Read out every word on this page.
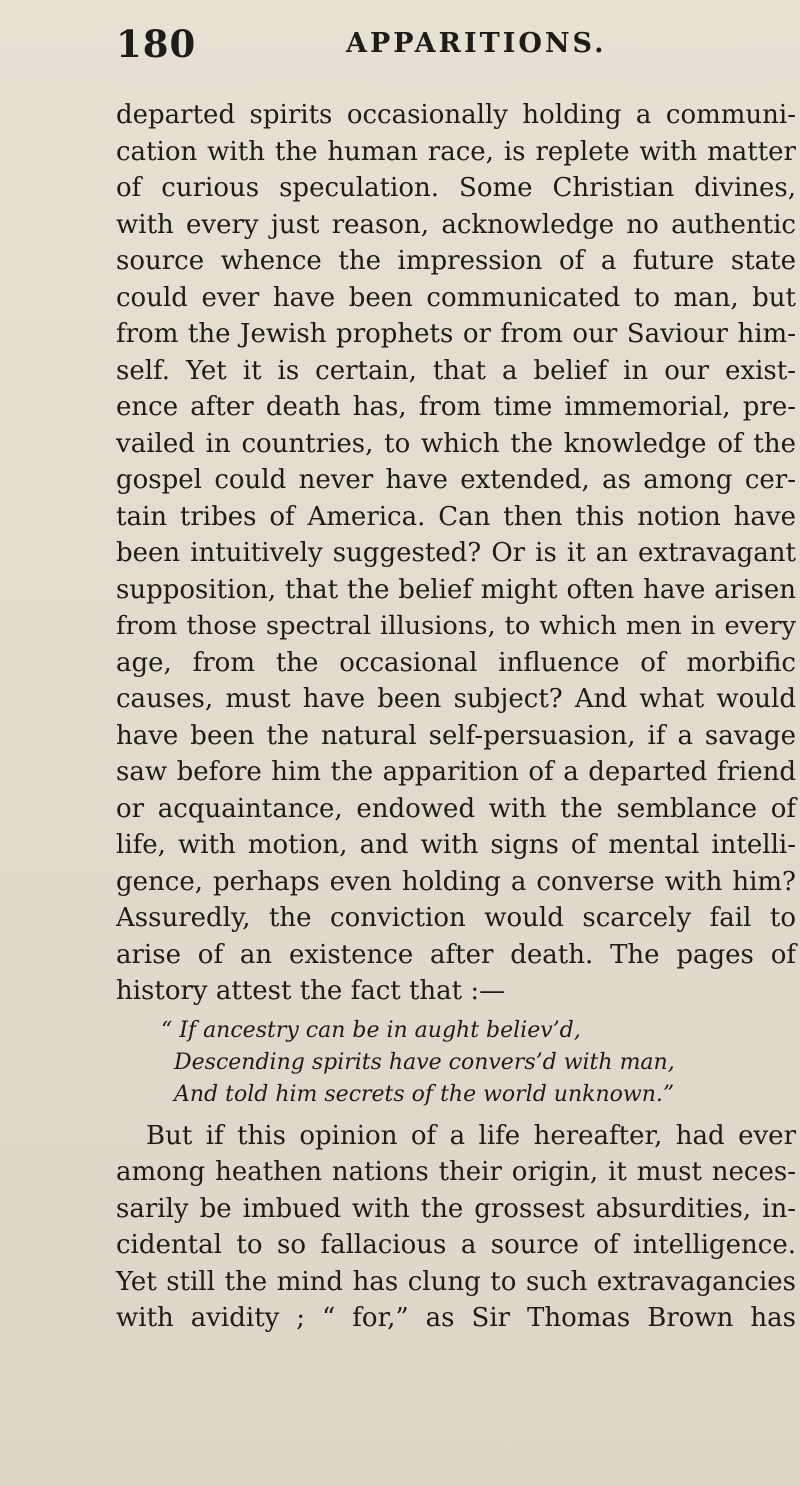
180	APPARITIONS.
departed spirits occasionally holding a communi-
cation with the human race, is replete with matter
of curious speculation. Some Christian divines,
with every just reason, acknowledge no authentic
source whence the impression of a future state
could ever have been communicated to man, but
from the Jewish prophets or from our Saviour him-
self. Yet it is certain, that a belief in our exist-
ence after death has, from time immemorial, pre-
vailed in countries, to which the knowledge of the
gospel could never have extended, as among cer-
tain tribes of America. Can then this notion have
been intuitively suggested? Or is it an extravagant
supposition, that the belief might often have arisen
from those spectral illusions, to which men in every
age, from the occasional influence of morbific
causes, must have been subject? And what would
have been the natural self-persuasion, if a savage
saw before him the apparition of a departed friend
or acquaintance, endowed with the semblance of
life, with motion, and with signs of mental intelli-
gence, perhaps even holding a converse with him?
Assuredly, the conviction would scarcely fail to
arise of an existence after death. The pages of
history attest the fact that :—
“ If ancestry can be in aught believ’d,
Descending spirits have convers’d with man,
And told him secrets of the world unknown.”
But if this opinion of a life hereafter, had ever
among heathen nations their origin, it must neces-
sarily be imbued with the grossest absurdities, in-
cidental to so fallacious a source of intelligence.
Yet still the mind has clung to such extravagancies
with avidity ; “ for,” as Sir Thomas Brown has
